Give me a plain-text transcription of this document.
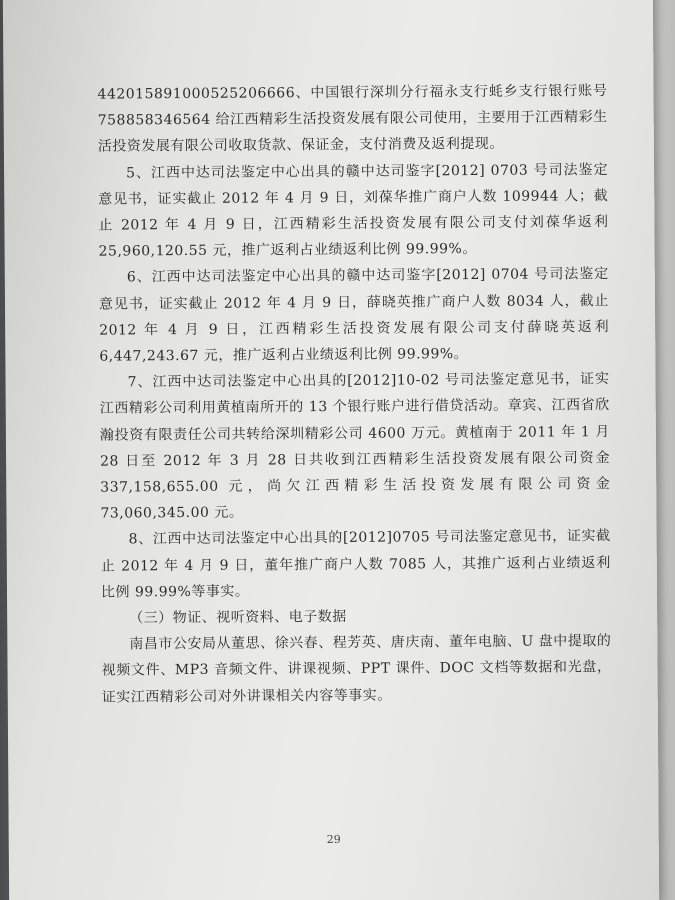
442015891000525206666、中国银行深圳分行福永支行蚝乡支行银行账号 758858346564 给江西精彩生活投资发展有限公司使用，主要用于江西精彩生活投资发展有限公司收取货款、保证金，支付消费及返利提现。

5、江西中达司法鉴定中心出具的赣中达司鉴字[2012] 0703 号司法鉴定意见书，证实截止 2012 年 4 月 9 日，刘葆华推广商户人数 109944 人；截止 2012 年 4 月 9 日，江西精彩生活投资发展有限公司支付刘葆华返利 25,960,120.55 元，推广返利占业绩返利比例 99.99%。

6、江西中达司法鉴定中心出具的赣中达司鉴字[2012] 0704 号司法鉴定意见书，证实截止 2012 年 4 月 9 日，薛晓英推广商户人数 8034 人，截止 2012 年 4 月 9 日，江西精彩生活投资发展有限公司支付薛晓英返利 6,447,243.67 元，推广返利占业绩返利比例 99.99%。

7、江西中达司法鉴定中心出具的[2012]10-02 号司法鉴定意见书，证实江西精彩公司利用黄植南所开的 13 个银行账户进行借贷活动。章宾、江西省欣瀚投资有限责任公司共转给深圳精彩公司 4600 万元。黄植南于 2011 年 1 月 28 日至 2012 年 3 月 28 日共收到江西精彩生活投资发展有限公司资金 337,158,655.00 元，尚欠江西精彩生活投资发展有限公司资金 73,060,345.00 元。

8、江西中达司法鉴定中心出具的[2012]0705 号司法鉴定意见书，证实截止 2012 年 4 月 9 日，董年推广商户人数 7085 人，其推广返利占业绩返利比例 99.99%等事实。

（三）物证、视听资料、电子数据

南昌市公安局从董思、徐兴春、程芳英、唐庆南、董年电脑、U 盘中提取的视频文件、MP3 音频文件、讲课视频、PPT 课件、DOC 文档等数据和光盘，证实江西精彩公司对外讲课相关内容等事实。

29
